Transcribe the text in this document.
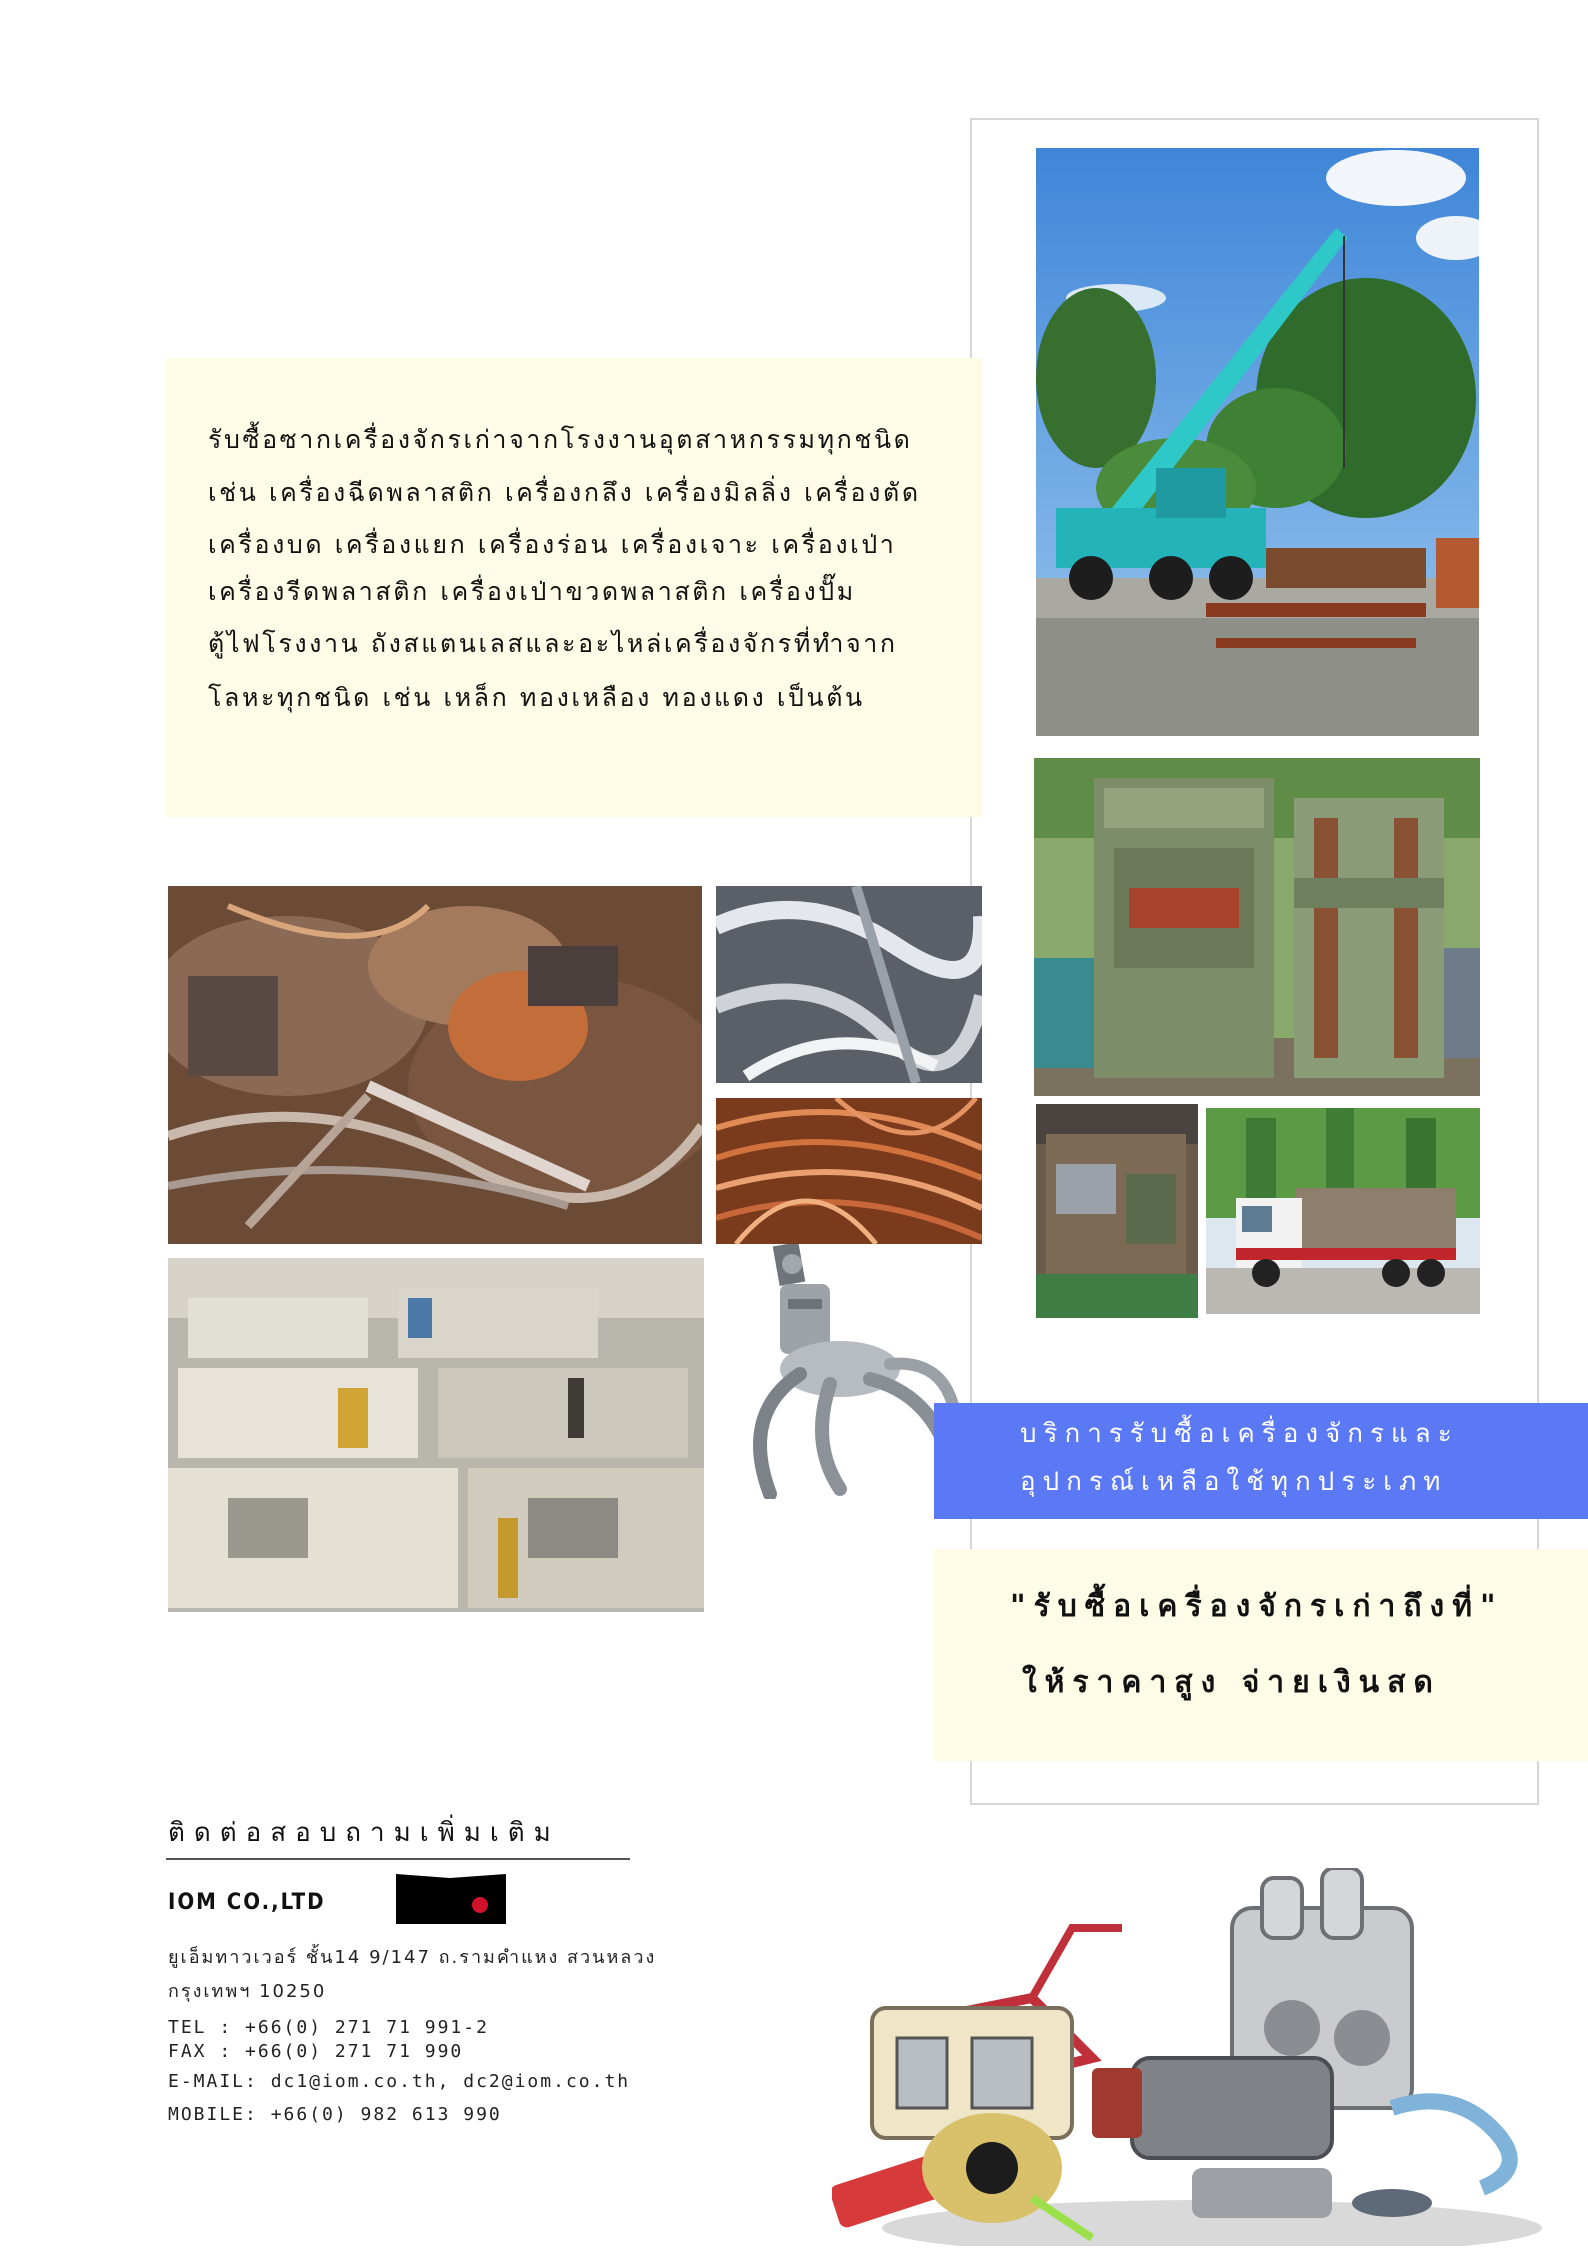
รับซื้อซากเครื่องจักรเก่าจากโรงงานอุตสาหกรรมทุกชนิด
เช่น เครื่องฉีดพลาสติก เครื่องกลึง เครื่องมิลลิ่ง เครื่องตัด
เครื่องบด เครื่องแยก เครื่องร่อน เครื่องเจาะ เครื่องเป่า
เครื่องรีดพลาสติก เครื่องเป่าขวดพลาสติก เครื่องปั๊ม
ตู้ไฟโรงงาน ถังสแตนเลสและอะไหล่เครื่องจักรที่ทำจาก
โลหะทุกชนิด เช่น เหล็ก ทองเหลือง ทองแดง เป็นต้น
บริการรับซื้อเครื่องจักรและ
อุปกรณ์เหลือใช้ทุกประเภท
"รับซื้อเครื่องจักรเก่าถึงที่"
ให้ราคาสูง จ่ายเงินสด
ติดต่อสอบถามเพิ่มเติม
IOM CO.,LTD
ยูเอ็มทาวเวอร์ ชั้น14 9/147 ถ.รามคำแหง สวนหลวง
กรุงเทพฯ 10250
TEL : +66(0) 271 71 991-2
FAX : +66(0) 271 71 990
E-MAIL: dc1@iom.co.th, dc2@iom.co.th
MOBILE: +66(0) 982 613 990
